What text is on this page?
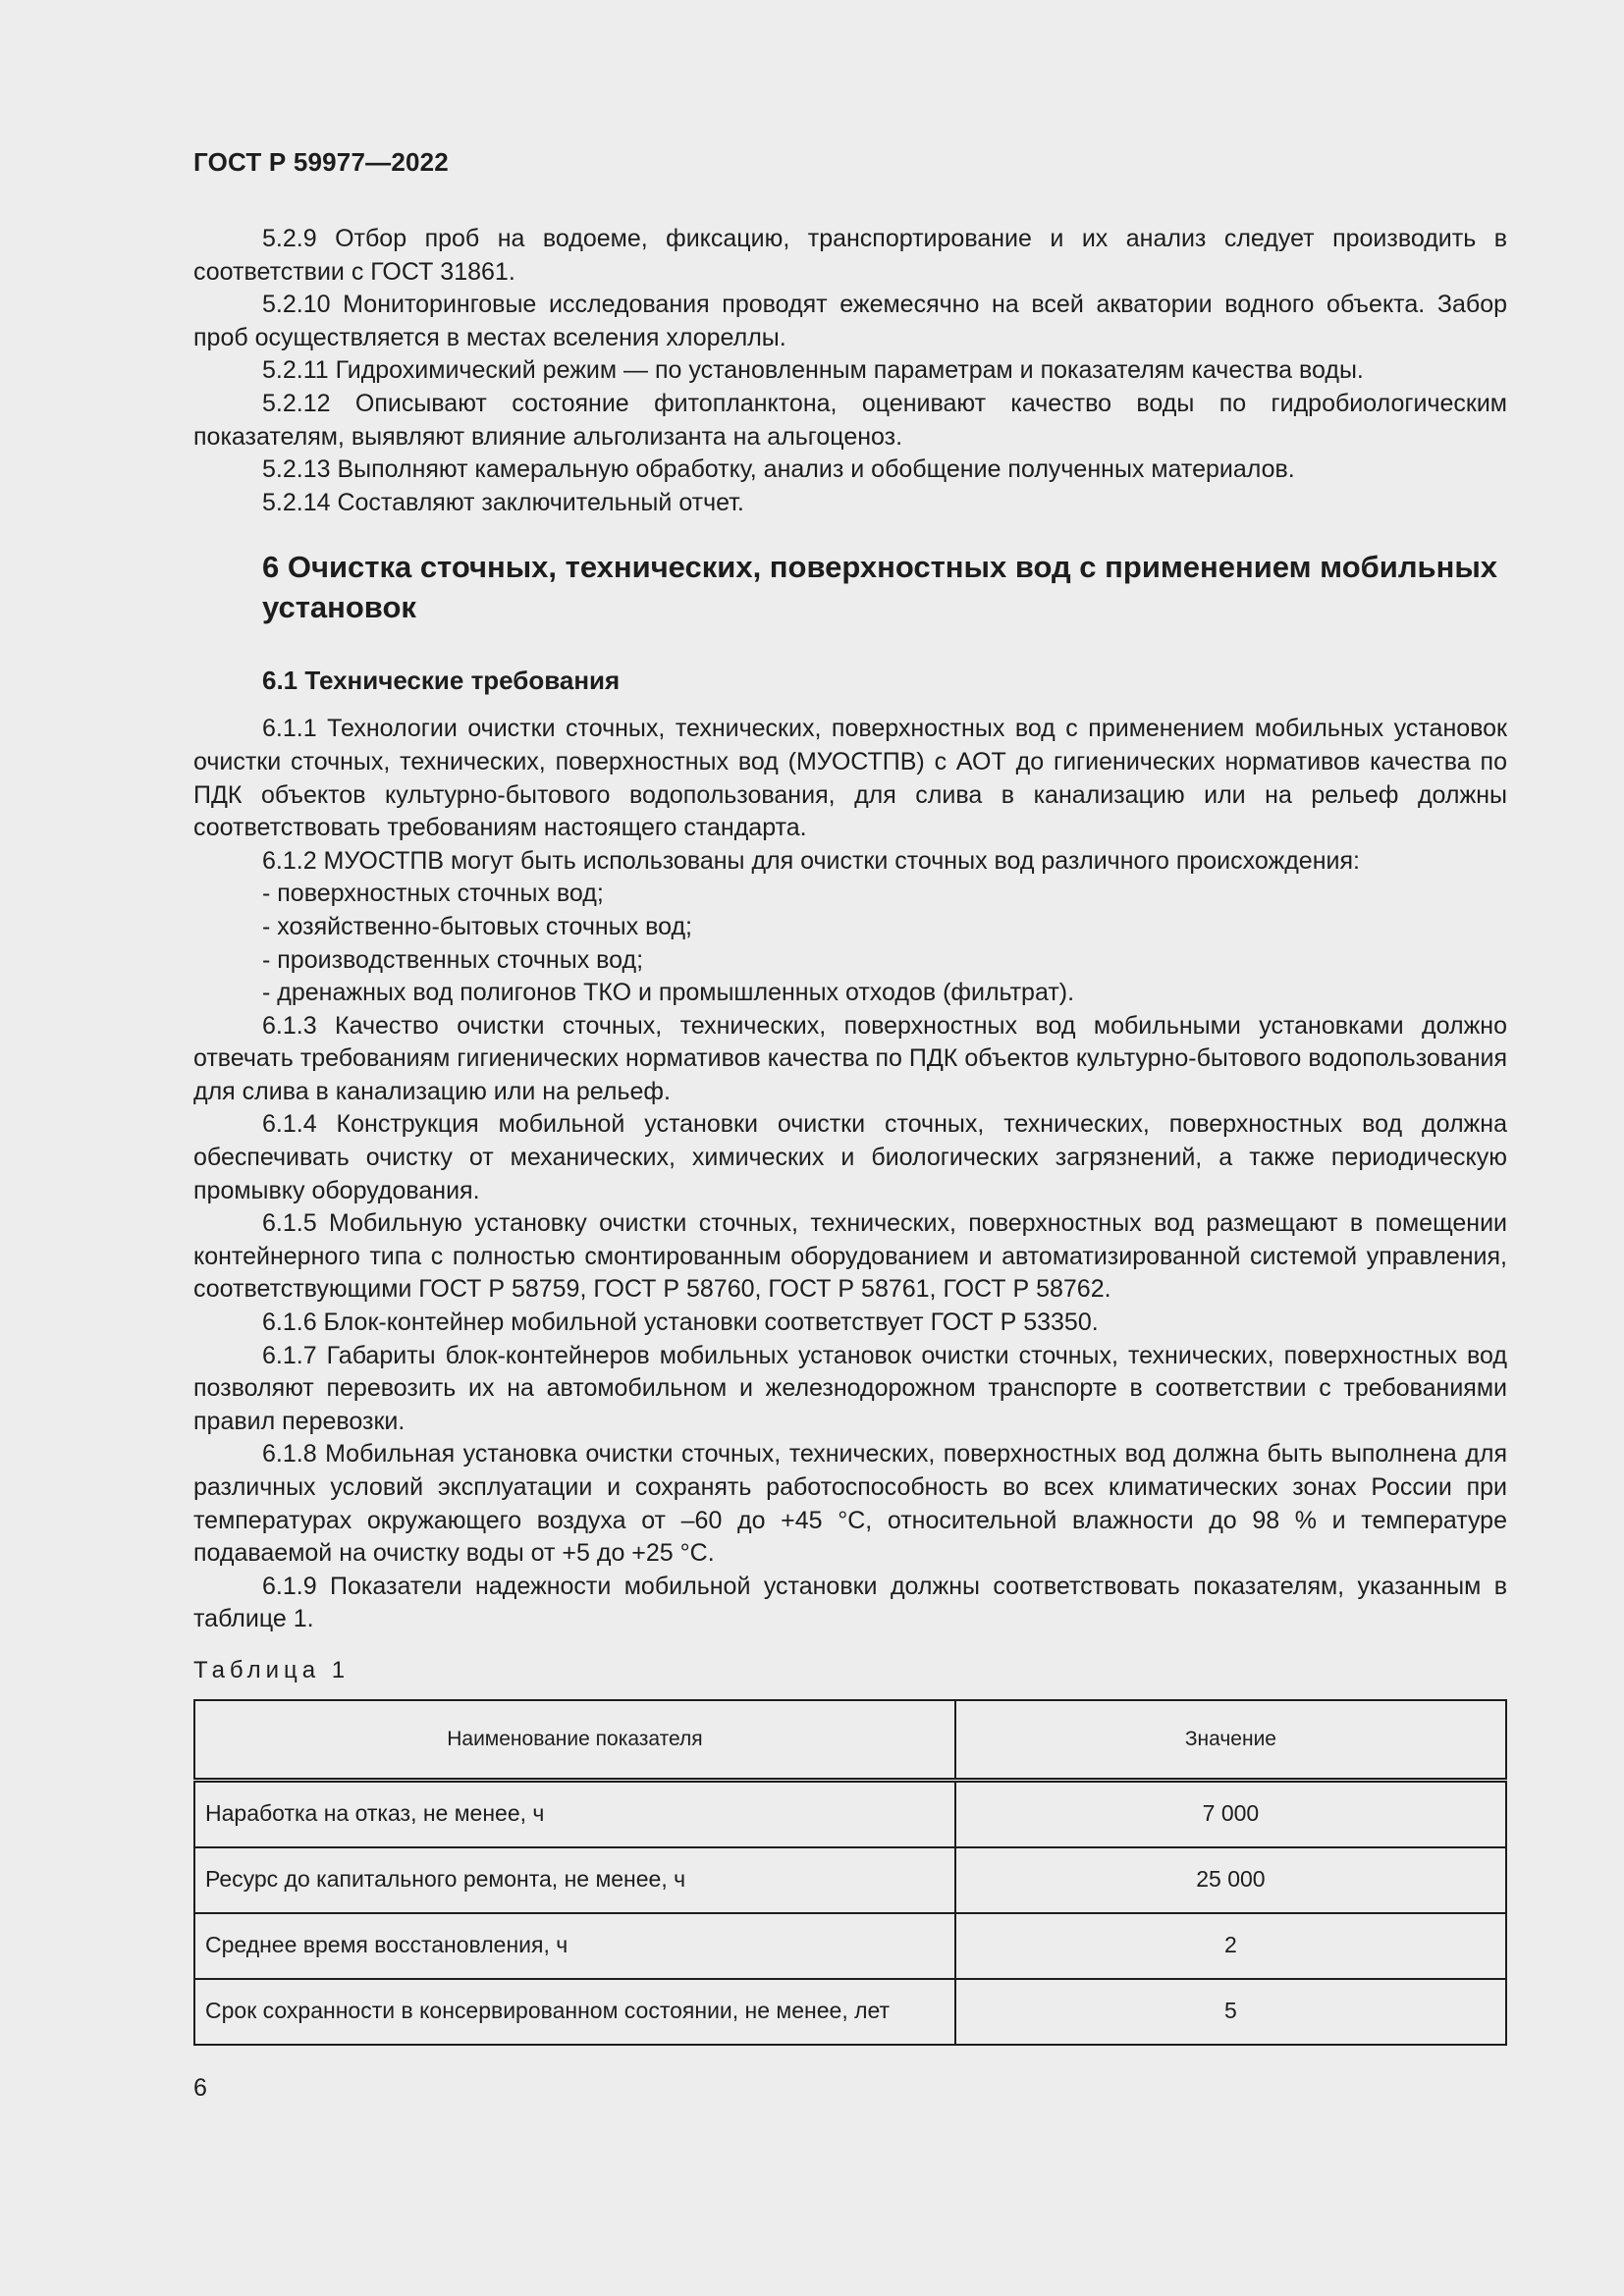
ГОСТ Р 59977—2022

5.2.9 Отбор проб на водоеме, фиксацию, транспортирование и их анализ следует производить в соответствии с ГОСТ 31861.

5.2.10 Мониторинговые исследования проводят ежемесячно на всей акватории водного объекта. Забор проб осуществляется в местах вселения хлореллы.

5.2.11 Гидрохимический режим — по установленным параметрам и показателям качества воды.

5.2.12 Описывают состояние фитопланктона, оценивают качество воды по гидробиологическим показателям, выявляют влияние альголизанта на альгоценоз.

5.2.13 Выполняют камеральную обработку, анализ и обобщение полученных материалов.

5.2.14 Составляют заключительный отчет.

6 Очистка сточных, технических, поверхностных вод с применением мобильных установок
6.1 Технические требования

6.1.1 Технологии очистки сточных, технических, поверхностных вод с применением мобильных установок очистки сточных, технических, поверхностных вод (МУОСТПВ) с АОТ до гигиенических нормативов качества по ПДК объектов культурно-бытового водопользования, для слива в канализацию или на рельеф должны соответствовать требованиям настоящего стандарта.

6.1.2 МУОСТПВ могут быть использованы для очистки сточных вод различного происхождения:

- поверхностных сточных вод;

- хозяйственно-бытовых сточных вод;

- производственных сточных вод;

- дренажных вод полигонов ТКО и промышленных отходов (фильтрат).

6.1.3 Качество очистки сточных, технических, поверхностных вод мобильными установками должно отвечать требованиям гигиенических нормативов качества по ПДК объектов культурно-бытового водопользования для слива в канализацию или на рельеф.

6.1.4 Конструкция мобильной установки очистки сточных, технических, поверхностных вод должна обеспечивать очистку от механических, химических и биологических загрязнений, а также периодическую промывку оборудования.

6.1.5 Мобильную установку очистки сточных, технических, поверхностных вод размещают в помещении контейнерного типа с полностью смонтированным оборудованием и автоматизированной системой управления, соответствующими ГОСТ Р 58759, ГОСТ Р 58760, ГОСТ Р 58761, ГОСТ Р 58762.

6.1.6 Блок-контейнер мобильной установки соответствует ГОСТ Р 53350.

6.1.7 Габариты блок-контейнеров мобильных установок очистки сточных, технических, поверхностных вод позволяют перевозить их на автомобильном и железнодорожном транспорте в соответствии с требованиями правил перевозки.

6.1.8 Мобильная установка очистки сточных, технических, поверхностных вод должна быть выполнена для различных условий эксплуатации и сохранять работоспособность во всех климатических зонах России при температурах окружающего воздуха от –60 до +45 °С, относительной влажности до 98 % и температуре подаваемой на очистку воды от +5 до +25 °С.

6.1.9 Показатели надежности мобильной установки должны соответствовать показателям, указанным в таблице 1.

Таблица 1
Наименование показателя	Значение
Наработка на отказ, не менее, ч	7 000
Ресурс до капитального ремонта, не менее, ч	25 000
Среднее время восстановления, ч	2
Срок сохранности в консервированном состоянии, не менее, лет	5
6
